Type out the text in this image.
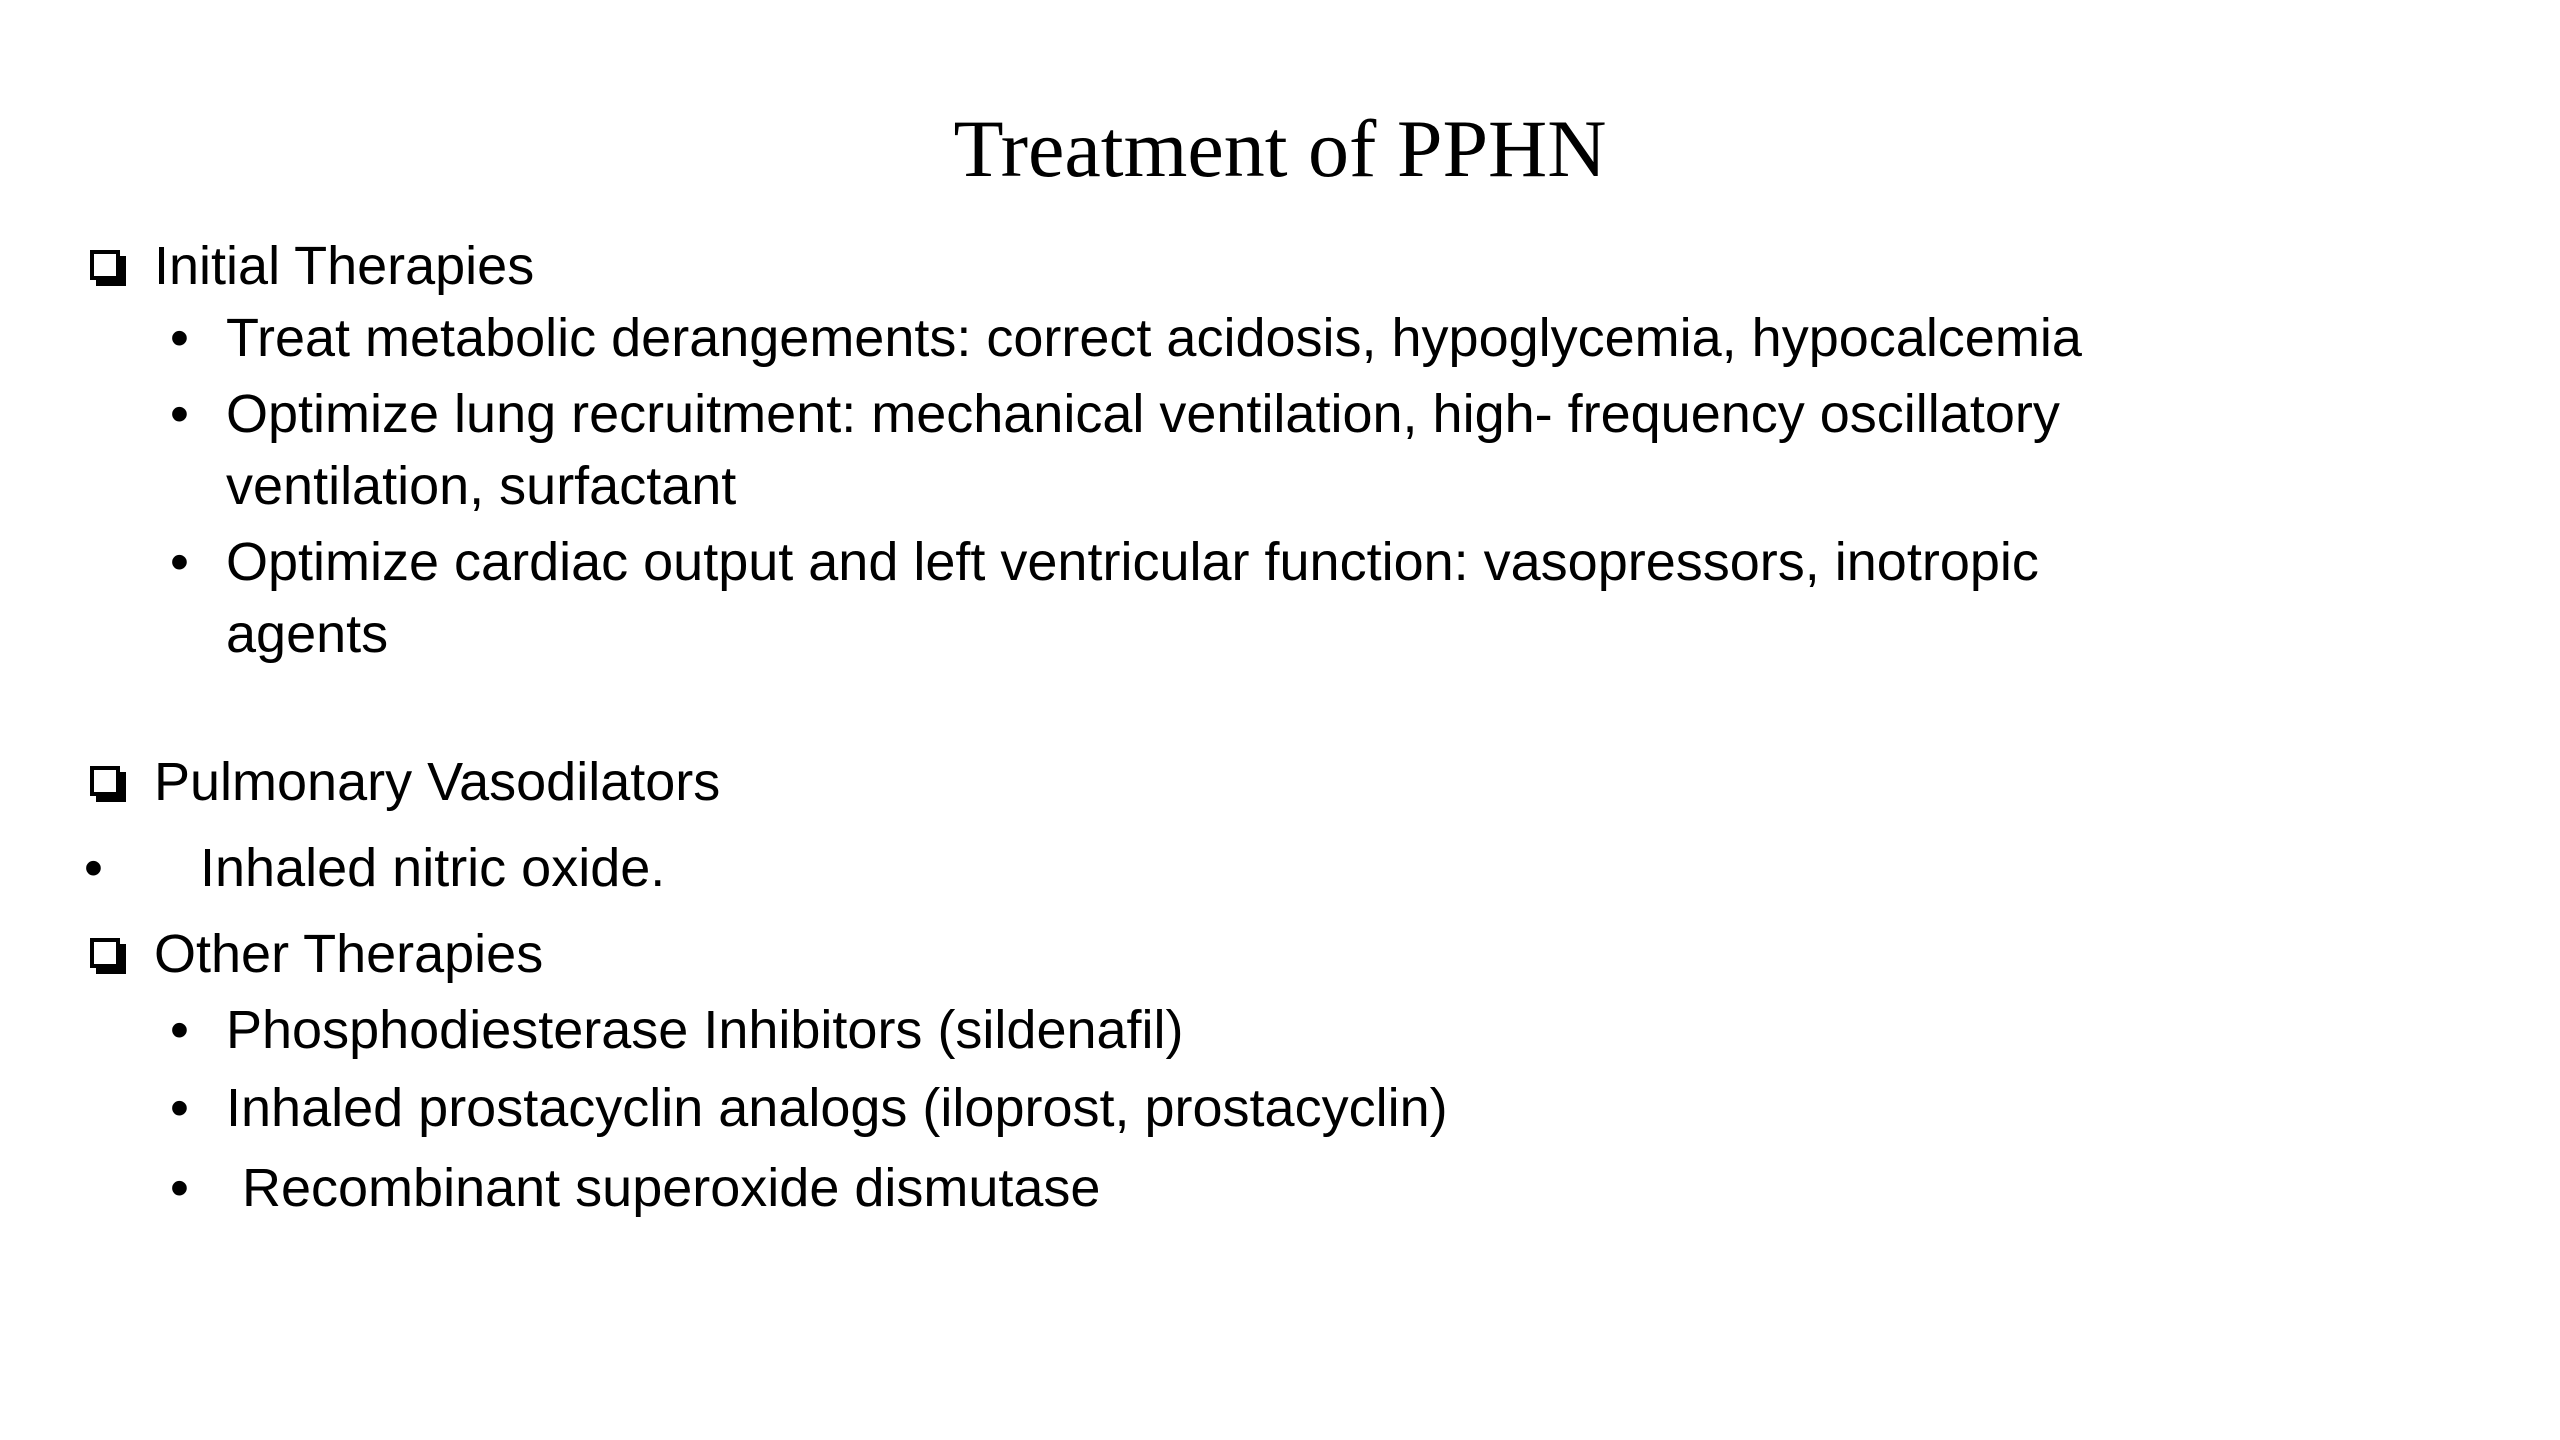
Treatment of PPHN
Initial Therapies
• Treat metabolic derangements: correct acidosis, hypoglycemia, hypocalcemia
• Optimize lung recruitment: mechanical ventilation, high- frequency oscillatory ventilation, surfactant
• Optimize cardiac output and left ventricular function: vasopressors, inotropic agents
Pulmonary Vasodilators
• Inhaled nitric oxide.
Other Therapies
• Phosphodiesterase Inhibitors (sildenafil)
• Inhaled prostacyclin analogs (iloprost, prostacyclin)
• Recombinant superoxide dismutase
